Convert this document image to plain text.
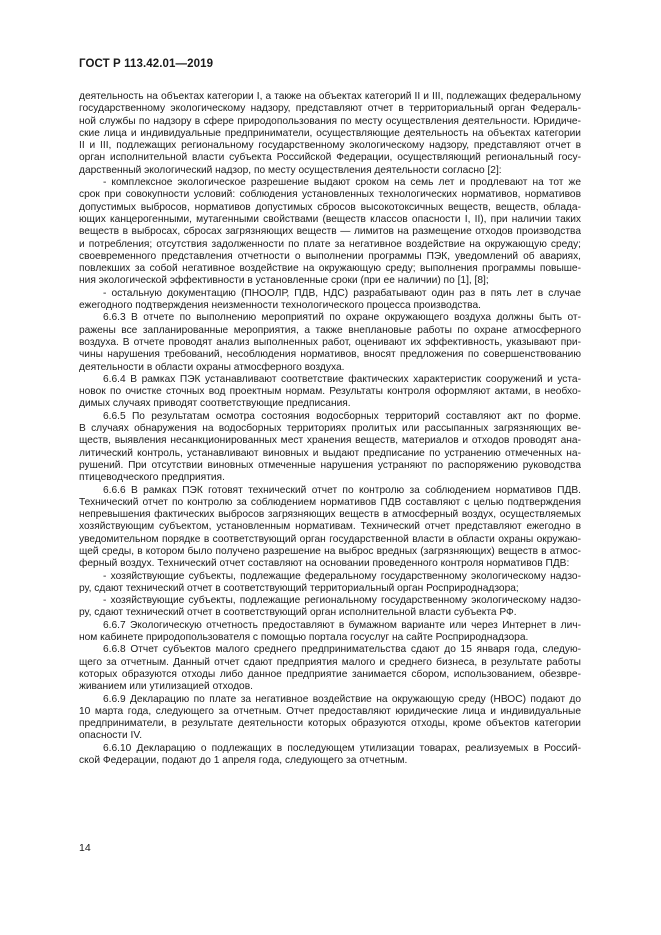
ГОСТ Р 113.42.01—2019
деятельность на объектах категории I, а также на объектах категорий II и III, подлежащих федеральному
государственному экологическому надзору, представляют отчет в территориальный орган Федераль-
ной службы по надзору в сфере природопользования по месту осуществления деятельности. Юридиче-
ские лица и индивидуальные предприниматели, осуществляющие деятельность на объектах категории
II и III, подлежащих региональному государственному экологическому надзору, представляют отчет в
орган исполнительной власти субъекта Российской Федерации, осуществляющий региональный госу-
дарственный экологический надзор, по месту осуществления деятельности согласно [2]:
- комплексное экологическое разрешение выдают сроком на семь лет и продлевают на тот же
срок при совокупности условий: соблюдения установленных технологических нормативов, нормативов
допустимых выбросов, нормативов допустимых сбросов высокотоксичных веществ, веществ, облада-
ющих канцерогенными, мутагенными свойствами (веществ классов опасности I, II), при наличии таких
веществ в выбросах, сбросах загрязняющих веществ — лимитов на размещение отходов производства
и потребления; отсутствия задолженности по плате за негативное воздействие на окружающую среду;
своевременного представления отчетности о выполнении программы ПЭК, уведомлений об авариях,
повлекших за собой негативное воздействие на окружающую среду; выполнения программы повыше-
ния экологической эффективности в установленные сроки (при ее наличии) по [1], [8];
- остальную документацию (ПНООЛР, ПДВ, НДС) разрабатывают один раз в пять лет в случае
ежегодного подтверждения неизменности технологического процесса производства.
6.6.3 В отчете по выполнению мероприятий по охране окружающего воздуха должны быть от-
ражены все запланированные мероприятия, а также внеплановые работы по охране атмосферного
воздуха. В отчете проводят анализ выполненных работ, оценивают их эффективность, указывают при-
чины нарушения требований, несоблюдения нормативов, вносят предложения по совершенствованию
деятельности в области охраны атмосферного воздуха.
6.6.4 В рамках ПЭК устанавливают соответствие фактических характеристик сооружений и уста-
новок по очистке сточных вод проектным нормам. Результаты контроля оформляют актами, в необхо-
димых случаях приводят соответствующие предписания.
6.6.5 По результатам осмотра состояния водосборных территорий составляют акт по форме.
В случаях обнаружения на водосборных территориях пролитых или рассыпанных загрязняющих ве-
ществ, выявления несанкционированных мест хранения веществ, материалов и отходов проводят ана-
литический контроль, устанавливают виновных и выдают предписание по устранению отмеченных на-
рушений. При отсутствии виновных отмеченные нарушения устраняют по распоряжению руководства
птицеводческого предприятия.
6.6.6 В рамках ПЭК готовят технический отчет по контролю за соблюдением нормативов ПДВ.
Технический отчет по контролю за соблюдением нормативов ПДВ составляют с целью подтверждения
непревышения фактических выбросов загрязняющих веществ в атмосферный воздух, осуществляемых
хозяйствующим субъектом, установленным нормативам. Технический отчет представляют ежегодно в
уведомительном порядке в соответствующий орган государственной власти в области охраны окружаю-
щей среды, в котором было получено разрешение на выброс вредных (загрязняющих) веществ в атмос-
ферный воздух. Технический отчет составляют на основании проведенного контроля нормативов ПДВ:
- хозяйствующие субъекты, подлежащие федеральному государственному экологическому надзо-
ру, сдают технический отчет в соответствующий территориальный орган Росприроднадзора;
- хозяйствующие субъекты, подлежащие региональному государственному экологическому надзо-
ру, сдают технический отчет в соответствующий орган исполнительной власти субъекта РФ.
6.6.7 Экологическую отчетность предоставляют в бумажном варианте или через Интернет в лич-
ном кабинете природопользователя с помощью портала госуслуг на сайте Росприроднадзора.
6.6.8 Отчет субъектов малого среднего предпринимательства сдают до 15 января года, следую-
щего за отчетным. Данный отчет сдают предприятия малого и среднего бизнеса, в результате работы
которых образуются отходы либо данное предприятие занимается сбором, использованием, обезвре-
живанием или утилизацией отходов.
6.6.9 Декларацию по плате за негативное воздействие на окружающую среду (НВОС) подают до
10 марта года, следующего за отчетным. Отчет предоставляют юридические лица и индивидуальные
предприниматели, в результате деятельности которых образуются отходы, кроме объектов категории
опасности IV.
6.6.10 Декларацию о подлежащих в последующем утилизации товарах, реализуемых в Россий-
ской Федерации, подают до 1 апреля года, следующего за отчетным.
14
